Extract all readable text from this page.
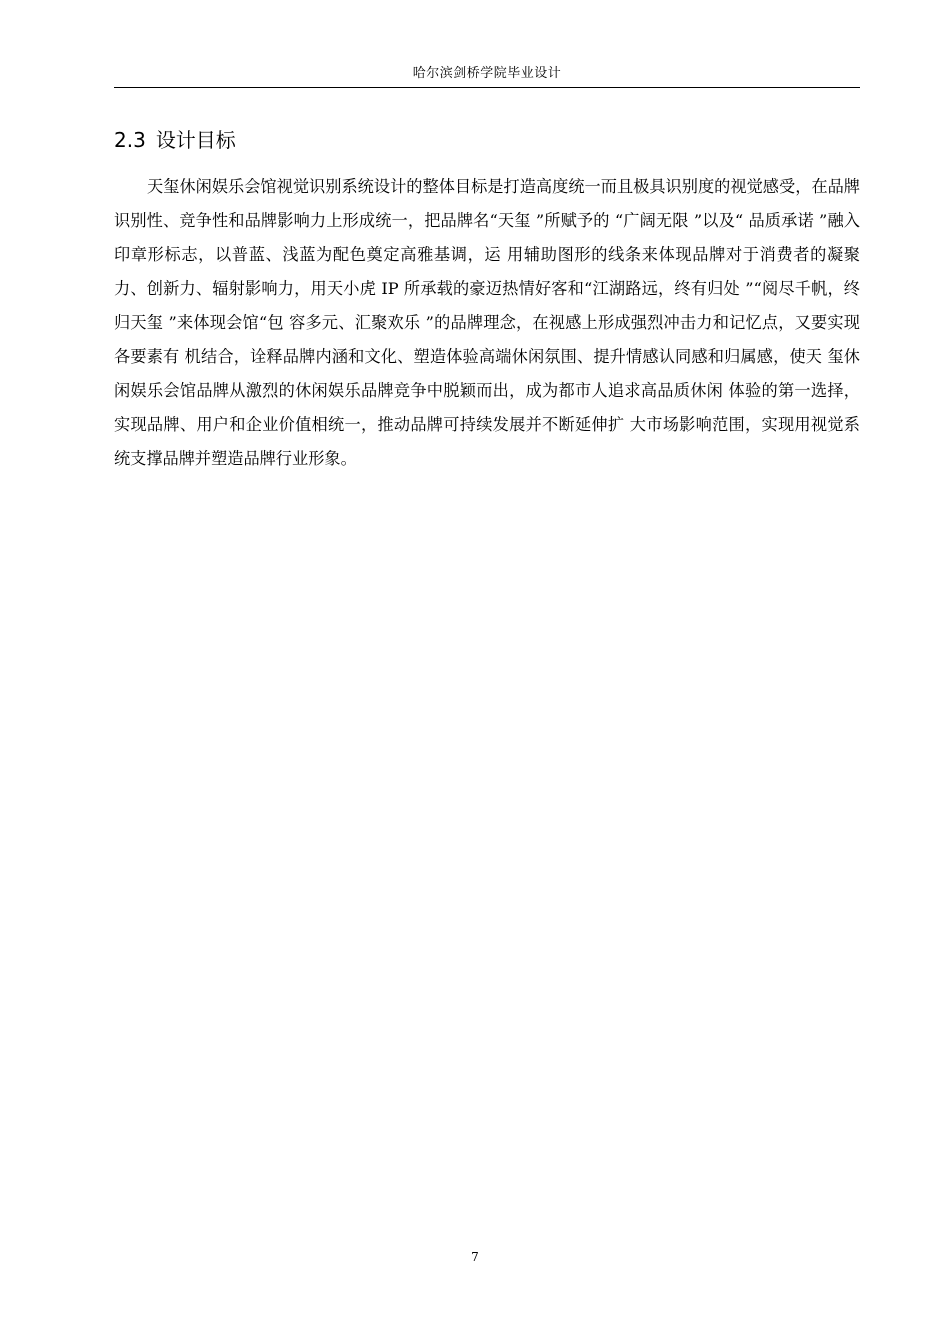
哈尔滨剑桥学院毕业设计
2.3 设计目标

天玺休闲娱乐会馆视觉识别系统设计的整体目标是打造高度统一而且极具识别度的视觉感受，在品牌识别性、竞争性和品牌影响力上形成统一，把品牌名“天玺 ”所赋予的 “广阔无限 ”以及“ 品质承诺 ”融入印章形标志，以普蓝、浅蓝为配色奠定高雅基调，运 用辅助图形的线条来体现品牌对于消费者的凝聚力、创新力、辐射影响力，用天小虎 IP 所承载的豪迈热情好客和“江湖路远，终有归处 ”“阅尽千帆，终归天玺 ”来体现会馆“包 容多元、汇聚欢乐 ”的品牌理念，在视感上形成强烈冲击力和记忆点，又要实现各要素有 机结合，诠释品牌内涵和文化、塑造体验高端休闲氛围、提升情感认同感和归属感，使天 玺休闲娱乐会馆品牌从激烈的休闲娱乐品牌竞争中脱颖而出，成为都市人追求高品质休闲 体验的第一选择，实现品牌、用户和企业价值相统一，推动品牌可持续发展并不断延伸扩 大市场影响范围，实现用视觉系统支撑品牌并塑造品牌行业形象。

7
